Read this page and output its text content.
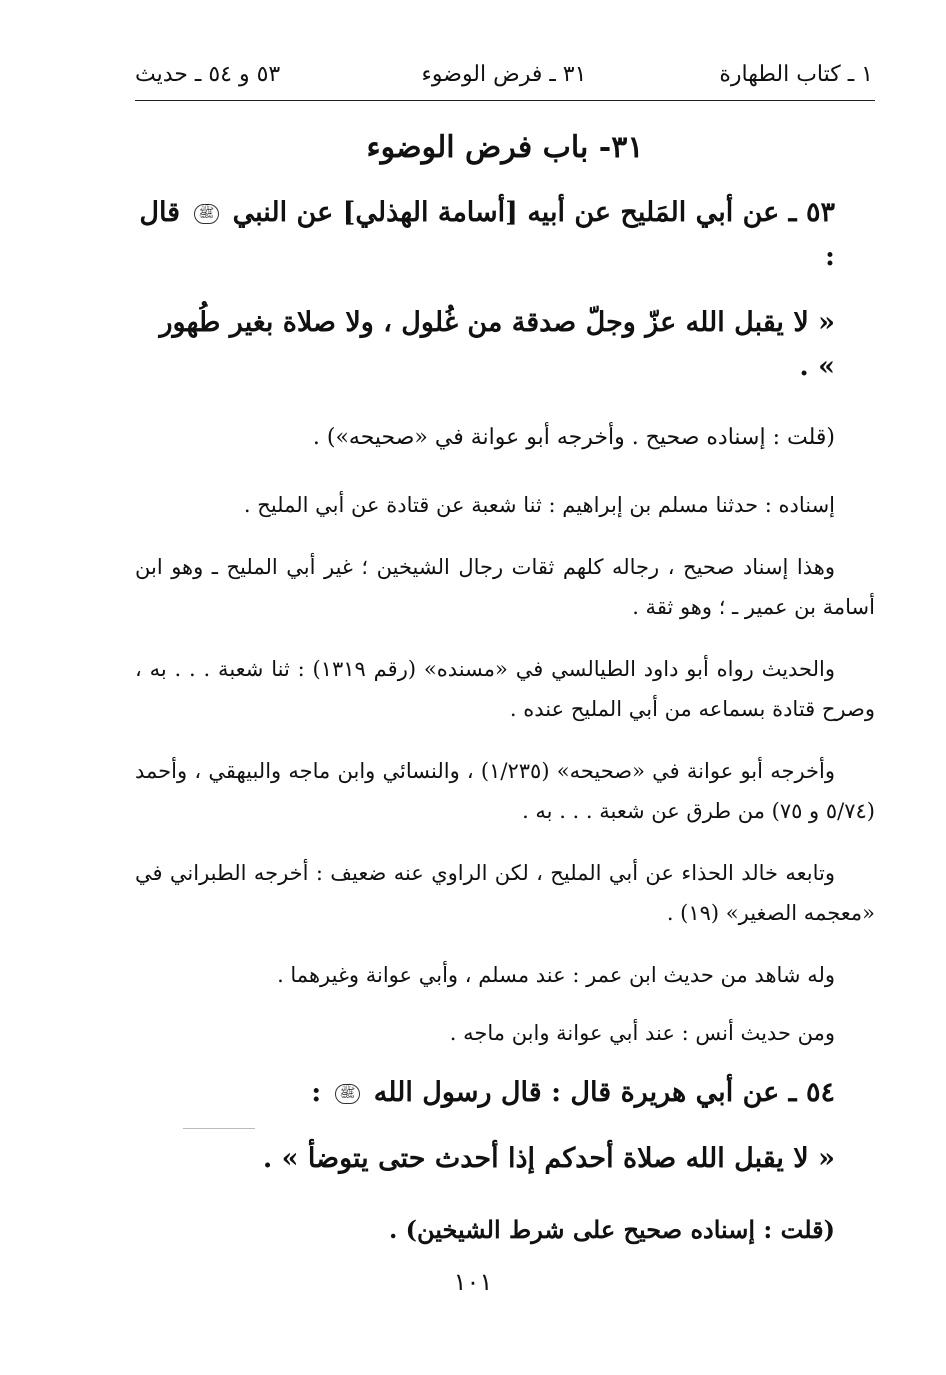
١ ـ كتاب الطهارة
٣١ ـ فرض الوضوء
٥٣ و ٥٤ ـ حديث
٣١- باب فرض الوضوء
٥٣ ـ عن أبي المَليح عن أبيه [أسامة الهذلي] عن النبي ﷺ قال :
« لا يقبل الله عزّ وجلّ صدقة من غُلول ، ولا صلاة بغير طُهور » .
(قلت : إسناده صحيح . وأخرجه أبو عوانة في «صحيحه») .

إسناده : حدثنا مسلم بن إبراهيم : ثنا شعبة عن قتادة عن أبي المليح .

وهذا إسناد صحيح ، رجاله كلهم ثقات رجال الشيخين ؛ غير أبي المليح ـ وهو ابن أسامة بن عمير ـ ؛ وهو ثقة .

والحديث رواه أبو داود الطيالسي في «مسنده» (رقم ١٣١٩) : ثنا شعبة . . . به ، وصرح قتادة بسماعه من أبي المليح عنده .

وأخرجه أبو عوانة في «صحيحه» (١/٢٣٥) ، والنسائي وابن ماجه والبيهقي ، وأحمد (٥/٧٤ و ٧٥) من طرق عن شعبة . . . به .

وتابعه خالد الحذاء عن أبي المليح ، لكن الراوي عنه ضعيف : أخرجه الطبراني في «معجمه الصغير» (١٩) .

وله شاهد من حديث ابن عمر : عند مسلم ، وأبي عوانة وغيرهما .
ومن حديث أنس : عند أبي عوانة وابن ماجه .
٥٤ ـ عن أبي هريرة قال : قال رسول الله ﷺ :
« لا يقبل الله صلاة أحدكم إذا أحدث حتى يتوضأ » .
(قلت : إسناده صحيح على شرط الشيخين) .
١٠١
